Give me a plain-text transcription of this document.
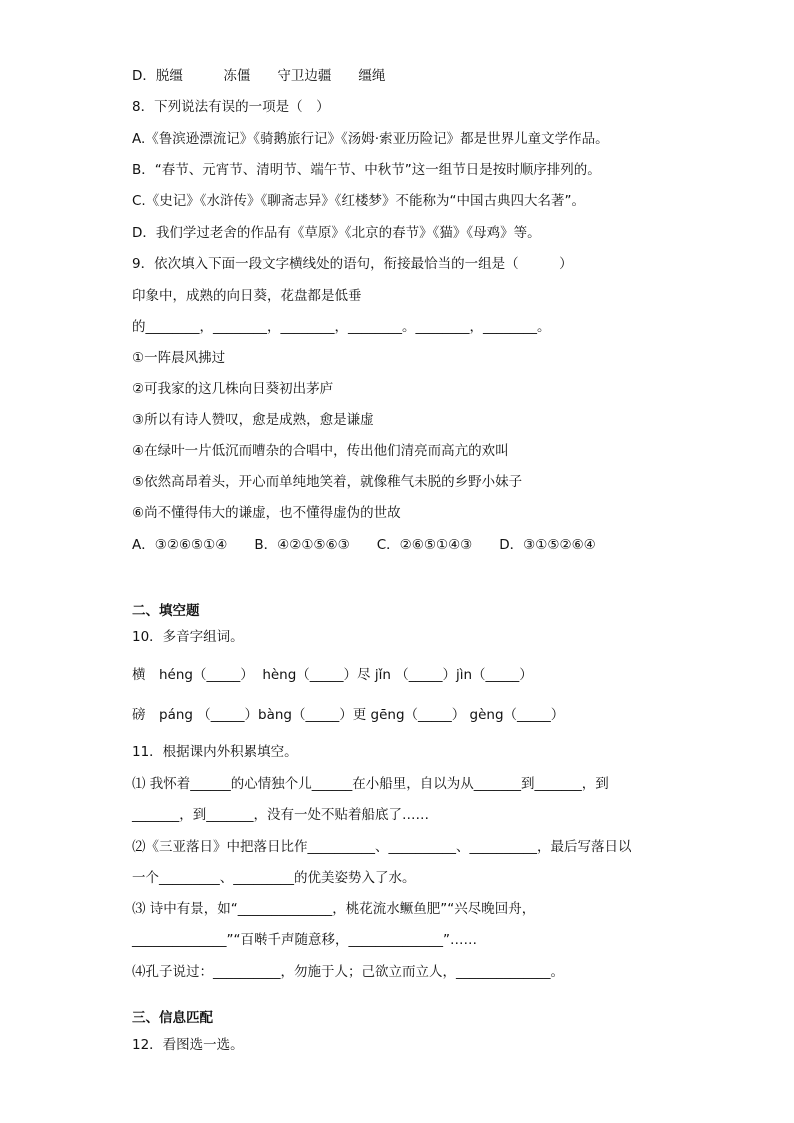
D．脱缰　　　冻僵　　守卫边疆　　缰绳
8．下列说法有误的一项是（　）
A.《鲁滨逊漂流记》《骑鹅旅行记》《汤姆·索亚历险记》都是世界儿童文学作品。
B．“春节、元宵节、清明节、端午节、中秋节”这一组节日是按时顺序排列的。
C.《史记》《水浒传》《聊斋志异》《红楼梦》不能称为“中国古典四大名著”。
D．我们学过老舍的作品有《草原》《北京的春节》《猫》《母鸡》等。
9．依次填入下面一段文字横线处的语句，衔接最恰当的一组是（　　　）
印象中，成熟的向日葵，花盘都是低垂
的________，________，________，________。________，________。
①一阵晨风拂过
②可我家的这几株向日葵初出茅庐
③所以有诗人赞叹，愈是成熟，愈是谦虚
④在绿叶一片低沉而嘈杂的合唱中，传出他们清亮而高亢的欢叫
⑤依然高昂着头，开心而单纯地笑着，就像稚气未脱的乡野小妹子
⑥尚不懂得伟大的谦虚，也不懂得虚伪的世故
A．③②⑥⑤①④　　B．④②①⑤⑥③　　C．②⑥⑤①④③　　D．③①⑤②⑥④
二、填空题
10．多音字组词。
横　héng（_____）  hèng（_____）尽 jǐn （_____）jìn（_____）
磅　páng （_____）bàng（_____）更 gēng（_____） gèng（_____）
11．根据课内外积累填空。
⑴ 我怀着______的心情独个儿______在小船里，自以为从_______到_______，到
_______，到_______，没有一处不贴着船底了……
⑵《三亚落日》中把落日比作__________、__________、__________，最后写落日以
一个_________、_________的优美姿势入了水。
⑶ 诗中有景，如“______________，桃花流水鳜鱼肥”“兴尽晚回舟，
______________”“百啭千声随意移，______________”……
⑷孔子说过：__________，勿施于人；己欲立而立人，______________。
三、信息匹配
12．看图选一选。
